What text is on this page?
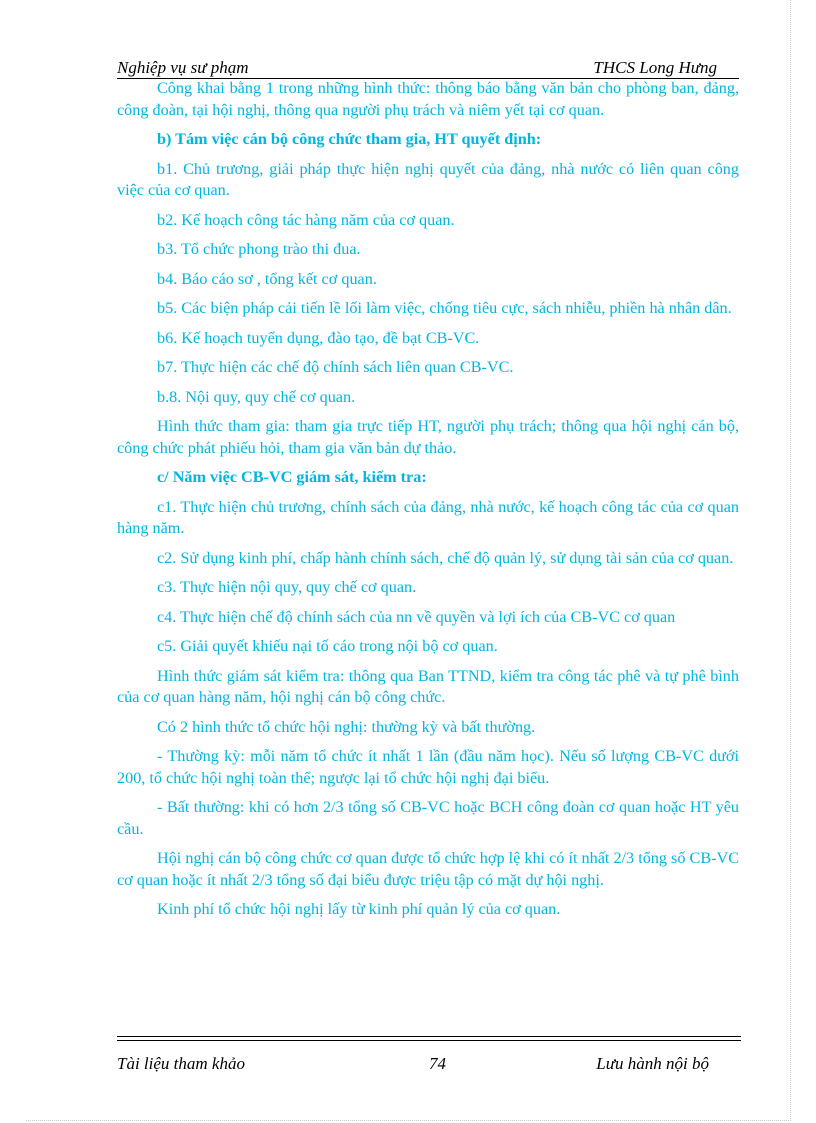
Nghiệp vụ sư phạm	THCS Long Hưng

Công khai bằng 1 trong những hình thức: thông báo bằng văn bản cho phòng ban, đảng, công đoàn, tại hội nghị, thông qua người phụ trách và niêm yết tại cơ quan.

b) Tám việc cán bộ công chức tham gia, HT quyết định:

b1. Chủ trương, giải pháp thực hiện nghị quyết của đảng, nhà nước có liên quan công việc của cơ quan.

b2. Kế hoạch công tác hàng năm của cơ quan.

b3. Tổ chức phong trào thi đua.

b4. Báo cáo sơ , tổng kết cơ quan.

b5. Các biện pháp cải tiến lề lối làm việc, chống tiêu cực, sách nhiễu, phiền hà nhân dân.

b6. Kế hoạch tuyển dụng, đào tạo, đề bạt CB-VC.

b7. Thực hiện các chế độ chính sách liên quan CB-VC.

b.8. Nội quy, quy chế cơ quan.

Hình thức tham gia: tham gia trực tiếp HT, người phụ trách; thông qua hội nghị cán bộ, công chức phát phiếu hỏi, tham gia văn bản dự thảo.

c/ Năm việc CB-VC giám sát, kiểm tra:

c1. Thực hiện chủ trương, chính sách của đảng, nhà nước, kế hoạch công tác của cơ quan hàng năm.

c2. Sử dụng kinh phí, chấp hành chính sách, chế độ quản lý, sử dụng tài sản của cơ quan.

c3. Thực hiện nội quy, quy chế cơ quan.

c4. Thực hiện chế độ chính sách của nn về quyền và lợi ích của CB-VC cơ quan

c5. Giải quyết khiếu nại tố cáo trong nội bộ cơ quan.

Hình thức giám sát kiểm tra: thông qua Ban TTND, kiểm tra công tác phê và tự phê bình của cơ quan hàng năm, hội nghị cán bộ công chức.

Có 2 hình thức tổ chức hội nghị: thường kỳ và bất thường.

- Thường kỳ: mỗi năm tổ chức ít nhất 1 lần (đầu năm học). Nếu số lượng CB-VC dưới 200, tổ chức hội nghị toàn thể; ngược lại tổ chức hội nghị đại biểu.

- Bất thường: khi có hơn 2/3 tổng số CB-VC hoặc BCH công đoàn cơ quan hoặc HT yêu cầu.

Hội nghị cán bộ công chức cơ quan được tổ chức hợp lệ khi có ít nhất 2/3 tổng số CB-VC cơ quan hoặc ít nhất 2/3 tổng số đại biểu được triệu tập có mặt dự hội nghị.

Kinh phí tổ chức hội nghị lấy từ kinh phí quản lý của cơ quan.

Tài liệu tham khảo	74	Lưu hành nội bộ
